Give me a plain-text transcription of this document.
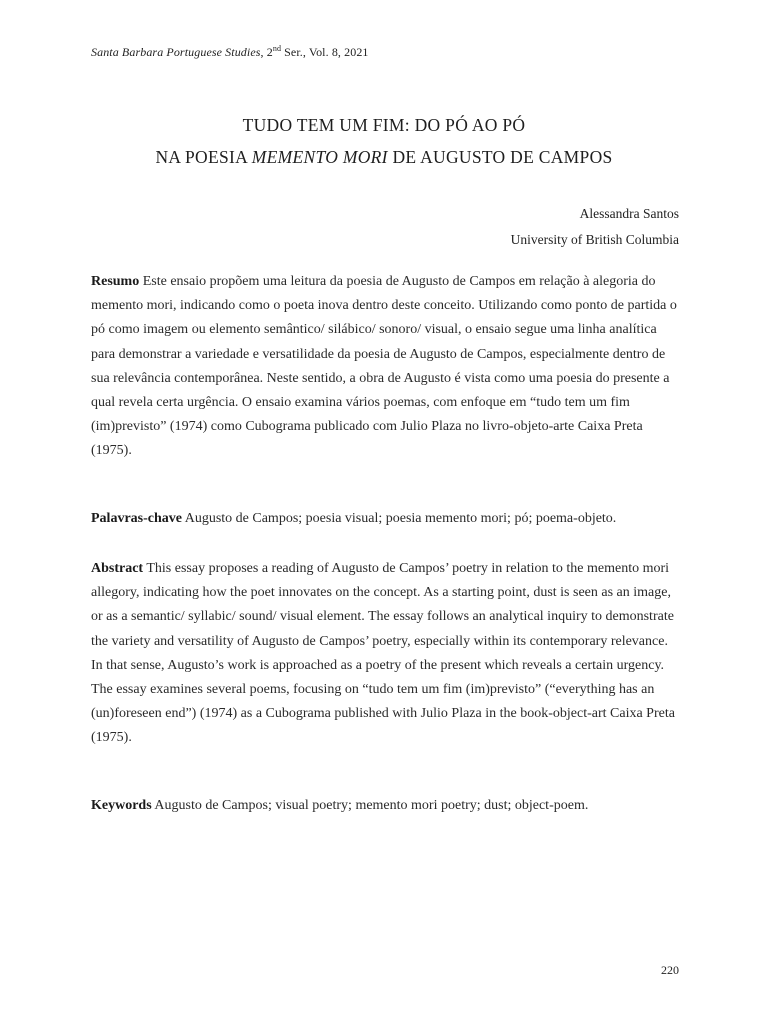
Santa Barbara Portuguese Studies, 2nd Ser., Vol. 8, 2021
TUDO TEM UM FIM: DO PÓ AO PÓ
NA POESIA MEMENTO MORI DE AUGUSTO DE CAMPOS
Alessandra Santos
University of British Columbia

Resumo Este ensaio propõem uma leitura da poesia de Augusto de Campos em relação à alegoria do memento mori, indicando como o poeta inova dentro deste conceito. Utilizando como ponto de partida o pó como imagem ou elemento semântico/ silábico/ sonoro/ visual, o ensaio segue uma linha analítica para demonstrar a variedade e versatilidade da poesia de Augusto de Campos, especialmente dentro de sua relevância contemporânea. Neste sentido, a obra de Augusto é vista como uma poesia do presente a qual revela certa urgência. O ensaio examina vários poemas, com enfoque em “tudo tem um fim (im)previsto” (1974) como Cubograma publicado com Julio Plaza no livro-objeto-arte Caixa Preta (1975).

Palavras-chave Augusto de Campos; poesia visual; poesia memento mori; pó; poema-objeto.

Abstract This essay proposes a reading of Augusto de Campos’ poetry in relation to the memento mori allegory, indicating how the poet innovates on the concept. As a starting point, dust is seen as an image, or as a semantic/ syllabic/ sound/ visual element. The essay follows an analytical inquiry to demonstrate the variety and versatility of Augusto de Campos’ poetry, especially within its contemporary relevance. In that sense, Augusto’s work is approached as a poetry of the present which reveals a certain urgency. The essay examines several poems, focusing on “tudo tem um fim (im)previsto” (“everything has an (un)foreseen end”) (1974) as a Cubograma published with Julio Plaza in the book-object-art Caixa Preta (1975).

Keywords Augusto de Campos; visual poetry; memento mori poetry; dust; object-poem.

220
